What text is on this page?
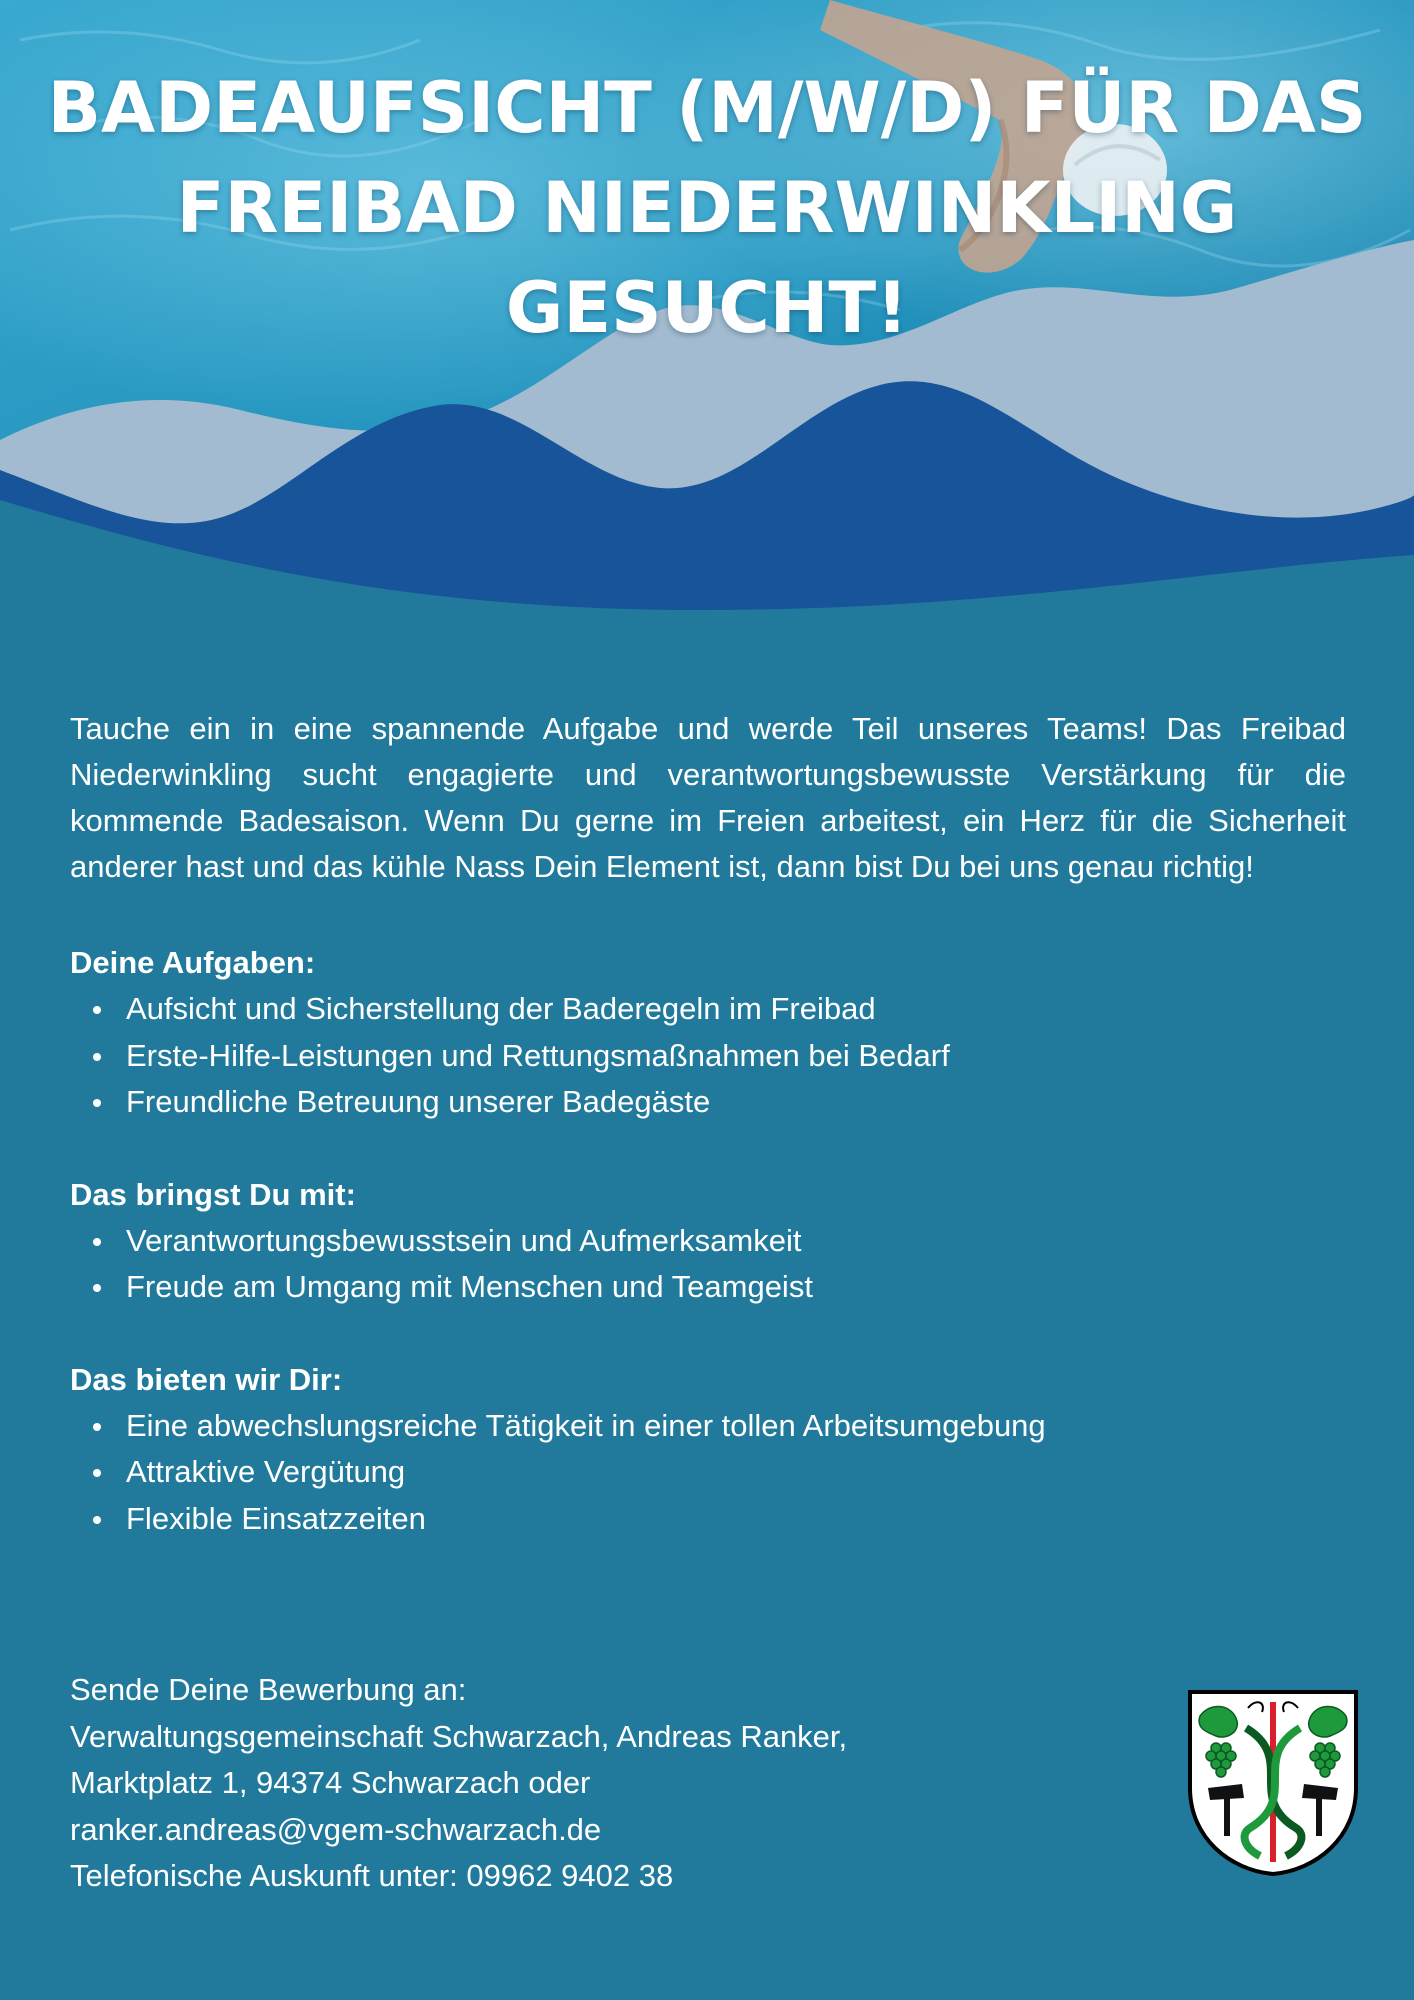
BADEAUFSICHT (M/W/D) FÜR DAS
FREIBAD NIEDERWINKLING
GESUCHT!

Tauche ein in eine spannende Aufgabe und werde Teil unseres Teams! Das Freibad Niederwinkling sucht engagierte und verantwortungsbewusste Verstärkung für die kommende Badesaison. Wenn Du gerne im Freien arbeitest, ein Herz für die Sicherheit anderer hast und das kühle Nass Dein Element ist, dann bist Du bei uns genau richtig!

Deine Aufgaben:

Aufsicht und Sicherstellung der Baderegeln im Freibad
Erste-Hilfe-Leistungen und Rettungsmaßnahmen bei Bedarf
Freundliche Betreuung unserer Badegäste

Das bringst Du mit:

Verantwortungsbewusstsein und Aufmerksamkeit
Freude am Umgang mit Menschen und Teamgeist

Das bieten wir Dir:

Eine abwechslungsreiche Tätigkeit in einer tollen Arbeitsumgebung
Attraktive Vergütung
Flexible Einsatzzeiten
Sende Deine Bewerbung an:
Verwaltungsgemeinschaft Schwarzach, Andreas Ranker,
Marktplatz 1, 94374 Schwarzach oder
ranker.andreas@vgem-schwarzach.de
Telefonische Auskunft unter: 09962 9402 38
